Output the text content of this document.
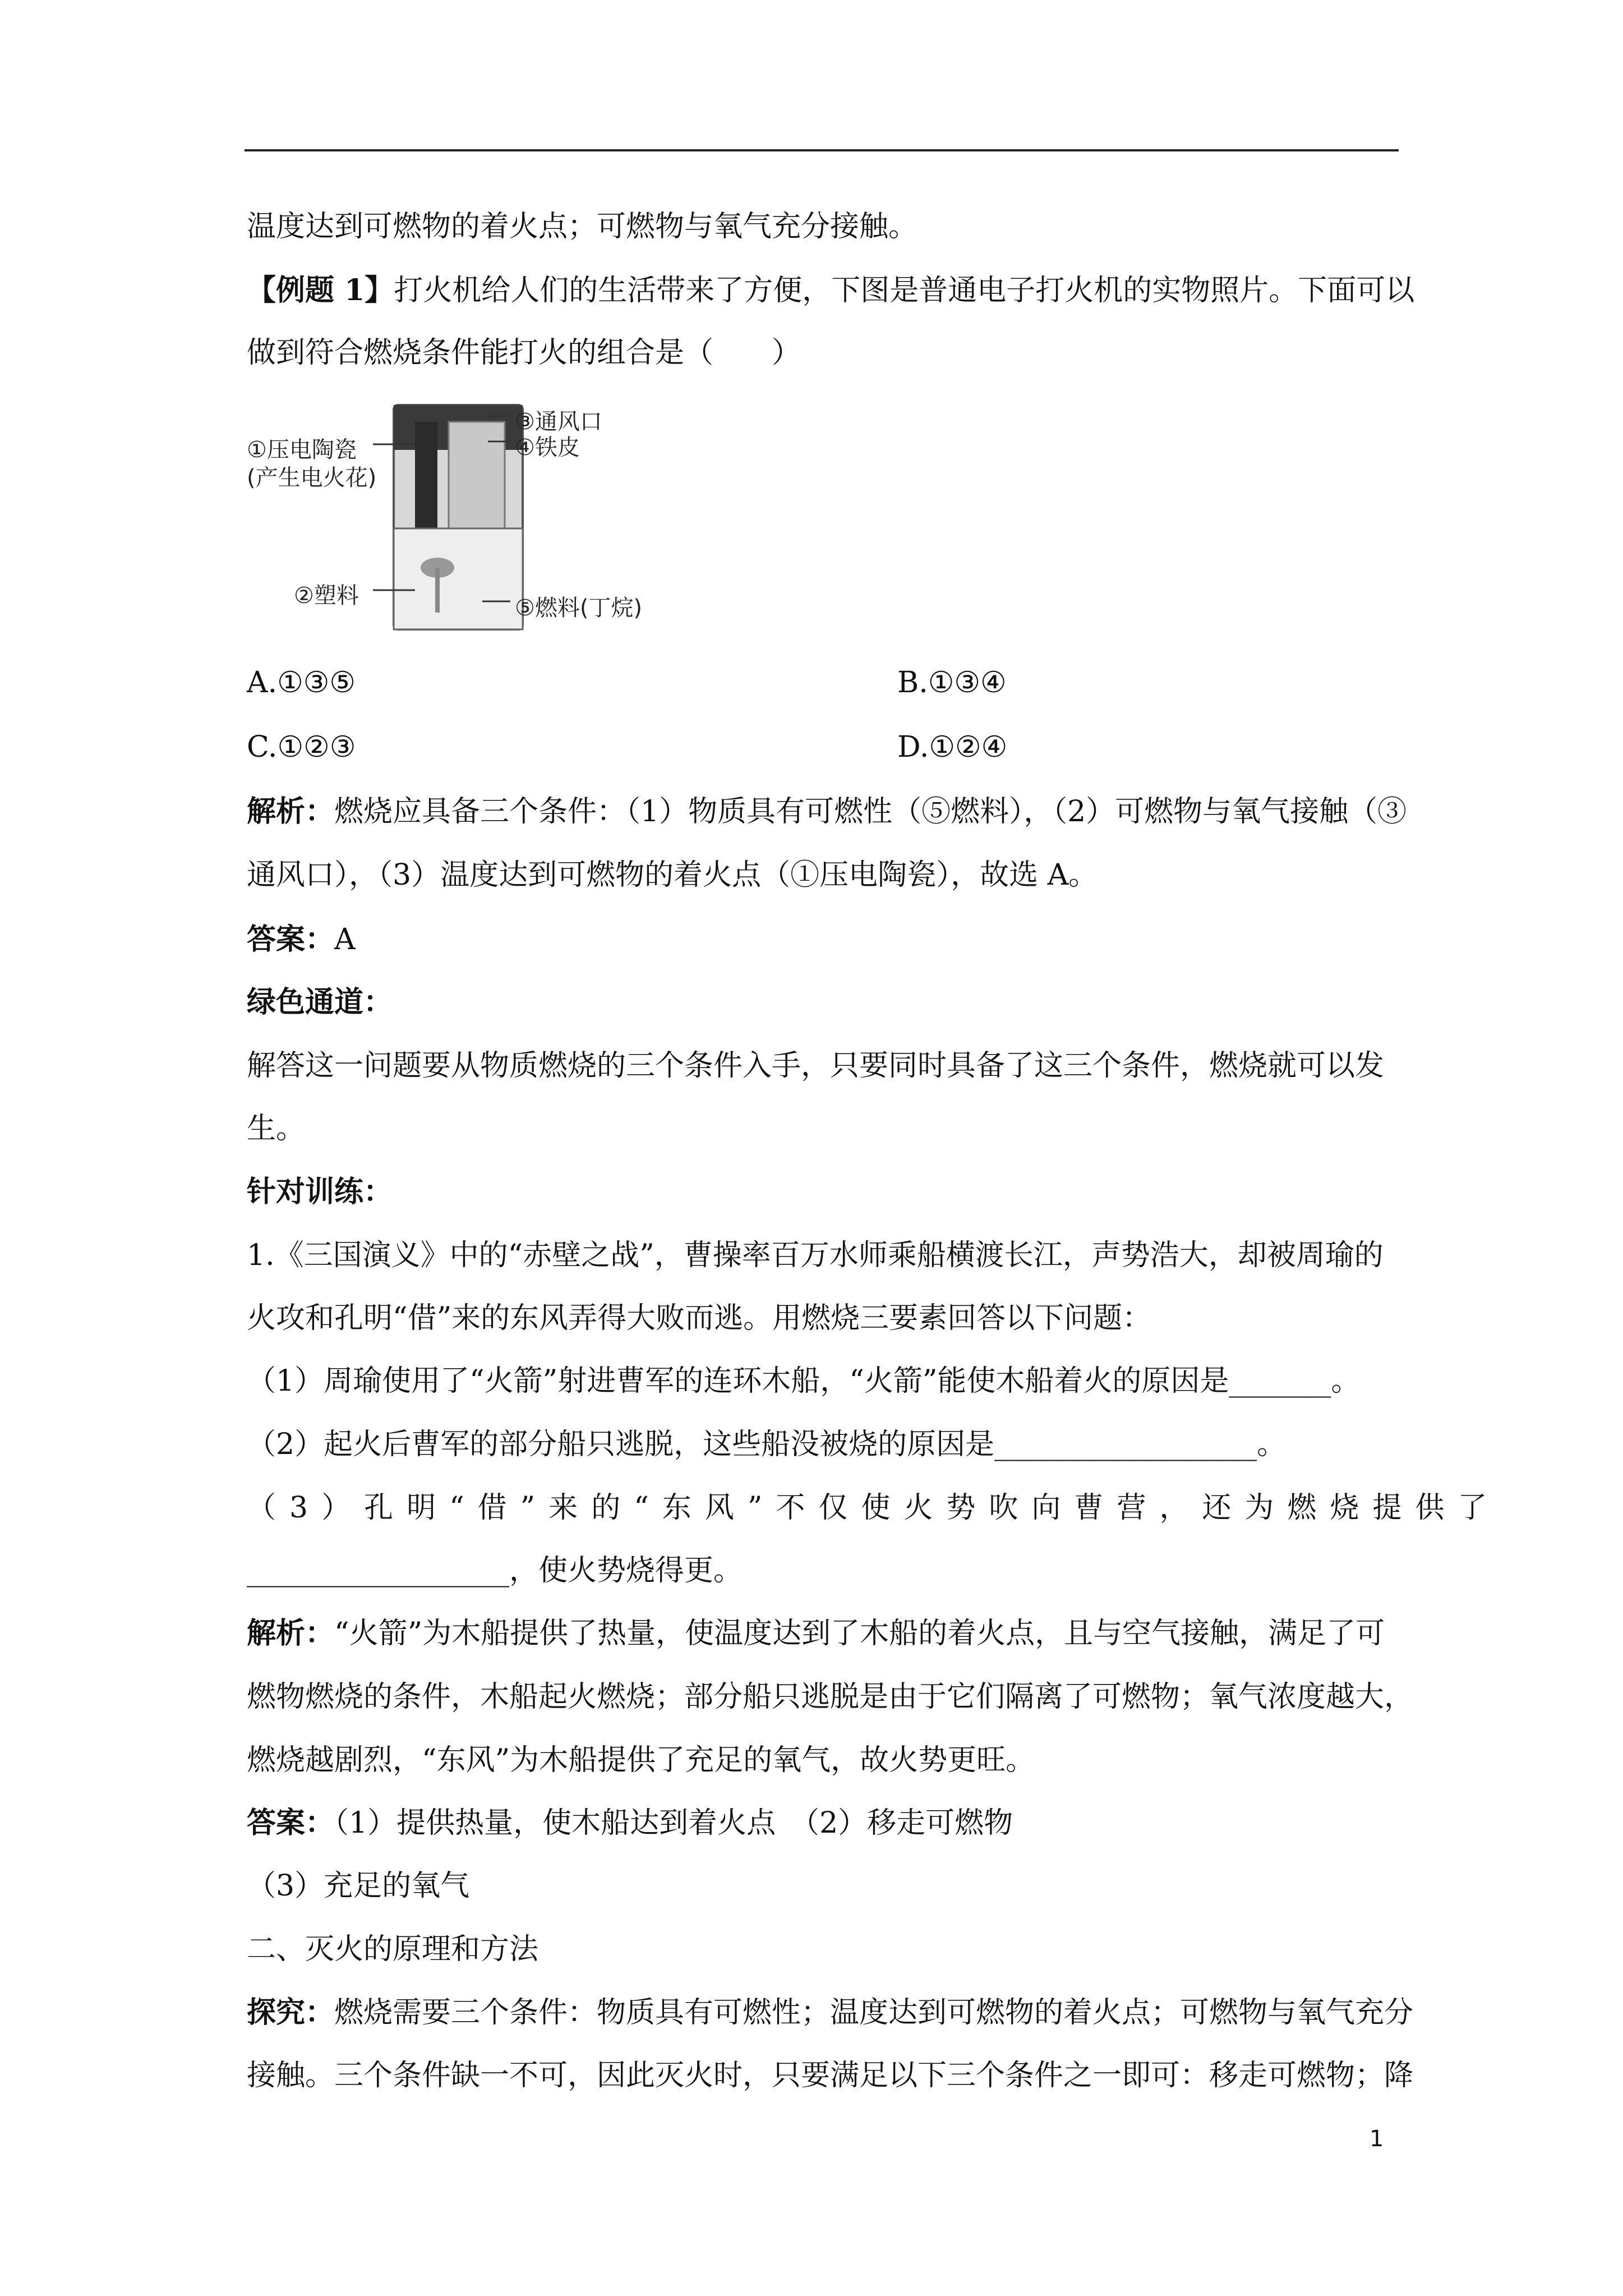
温度达到可燃物的着火点；可燃物与氧气充分接触。
【例题 1】打火机给人们的生活带来了方便，下图是普通电子打火机的实物照片。下面可以
做到符合燃烧条件能打火的组合是（　　）
①压电陶瓷
(产生电火花)
②塑料
③通风口
④铁皮
⑤燃料(丁烷)
A.①③⑤	B.①③④
C.①②③	D.①②④
解析：燃烧应具备三个条件：（1）物质具有可燃性（⑤燃料），（2）可燃物与氧气接触（③
通风口），（3）温度达到可燃物的着火点（①压电陶瓷），故选 A。
答案：A
绿色通道：
解答这一问题要从物质燃烧的三个条件入手，只要同时具备了这三个条件，燃烧就可以发
生。
针对训练：
1.《三国演义》中的“赤壁之战”，曹操率百万水师乘船横渡长江，声势浩大，却被周瑜的
火攻和孔明“借”来的东风弄得大败而逃。用燃烧三要素回答以下问题：
（1）周瑜使用了“火箭”射进曹军的连环木船，“火箭”能使木船着火的原因是_______。
（2）起火后曹军的部分船只逃脱，这些船没被烧的原因是__________________。
（3）孔明“借”来的“东风”不仅使火势吹向曹营，还为燃烧提供了
__________________，使火势烧得更。
解析：“火箭”为木船提供了热量，使温度达到了木船的着火点，且与空气接触，满足了可
燃物燃烧的条件，木船起火燃烧；部分船只逃脱是由于它们隔离了可燃物；氧气浓度越大，
燃烧越剧烈，“东风”为木船提供了充足的氧气，故火势更旺。
答案：（1）提供热量，使木船达到着火点　（2）移走可燃物
（3）充足的氧气
二、灭火的原理和方法
探究：燃烧需要三个条件：物质具有可燃性；温度达到可燃物的着火点；可燃物与氧气充分
接触。三个条件缺一不可，因此灭火时，只要满足以下三个条件之一即可：移走可燃物；降
1
